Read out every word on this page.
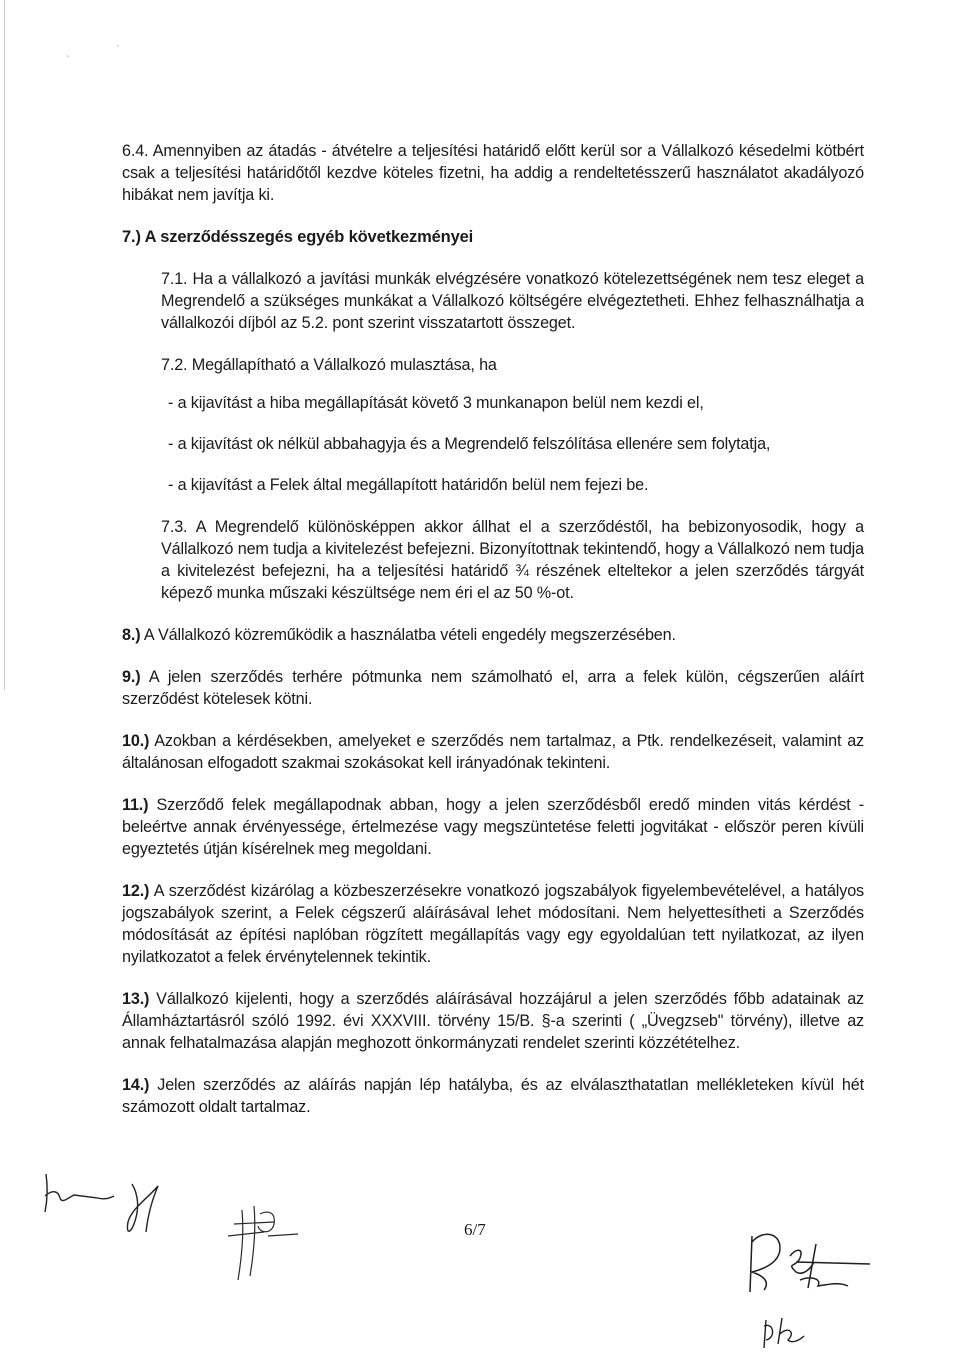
ˎ	·

6.4. Amennyiben az átadás - átvételre a teljesítési határidő előtt kerül sor a Vállalkozó késedelmi kötbért csak a teljesítési határidőtől kezdve köteles fizetni, ha addig a rendeltetésszerű használatot akadályozó hibákat nem javítja ki.

7.) A szerződésszegés egyéb következményei

7.1. Ha a vállalkozó a javítási munkák elvégzésére vonatkozó kötelezettségének nem tesz eleget a Megrendelő a szükséges munkákat a Vállalkozó költségére elvégeztetheti. Ehhez felhasználhatja a vállalkozói díjból az 5.2. pont szerint visszatartott összeget.

7.2. Megállapítható a Vállalkozó mulasztása, ha

- a kijavítást a hiba megállapítását követő 3 munkanapon belül nem kezdi el,

- a kijavítást ok nélkül abbahagyja és a Megrendelő felszólítása ellenére sem folytatja,

- a kijavítást a Felek által megállapított határidőn belül nem fejezi be.

7.3. A Megrendelő különösképpen akkor állhat el a szerződéstől, ha bebizonyosodik, hogy a Vállalkozó nem tudja a kivitelezést befejezni. Bizonyítottnak tekintendő, hogy a Vállalkozó nem tudja a kivitelezést befejezni, ha a teljesítési határidő ¾ részének elteltekor a jelen szerződés tárgyát képező munka műszaki készültsége nem éri el az 50 %-ot.

8.) A Vállalkozó közreműködik a használatba vételi engedély megszerzésében.

9.) A jelen szerződés terhére pótmunka nem számolható el, arra a felek külön, cégszerűen aláírt szerződést kötelesek kötni.

10.) Azokban a kérdésekben, amelyeket e szerződés nem tartalmaz, a Ptk. rendelkezéseit, valamint az általánosan elfogadott szakmai szokásokat kell irányadónak tekinteni.

11.) Szerződő felek megállapodnak abban, hogy a jelen szerződésből eredő minden vitás kérdést - beleértve annak érvényessége, értelmezése vagy megszüntetése feletti jogvitákat - először peren kívüli egyeztetés útján kísérelnek meg megoldani.

12.) A szerződést kizárólag a közbeszerzésekre vonatkozó jogszabályok figyelembevételével, a hatályos jogszabályok szerint, a Felek cégszerű aláírásával lehet módosítani. Nem helyettesítheti a Szerződés módosítását az építési naplóban rögzített megállapítás vagy egy egyoldalúan tett nyilatkozat, az ilyen nyilatkozatot a felek érvénytelennek tekintik.

13.) Vállalkozó kijelenti, hogy a szerződés aláírásával hozzájárul a jelen szerződés főbb adatainak az Államháztartásról szóló 1992. évi XXXVIII. törvény 15/B. §-a szerinti ( „Üvegzseb" törvény), illetve az annak felhatalmazása alapján meghozott önkormányzati rendelet szerinti közzétételhez.

14.) Jelen szerződés az aláírás napján lép hatályba, és az elválaszthatatlan mellékleteken kívül hét számozott oldalt tartalmaz.

6/7
